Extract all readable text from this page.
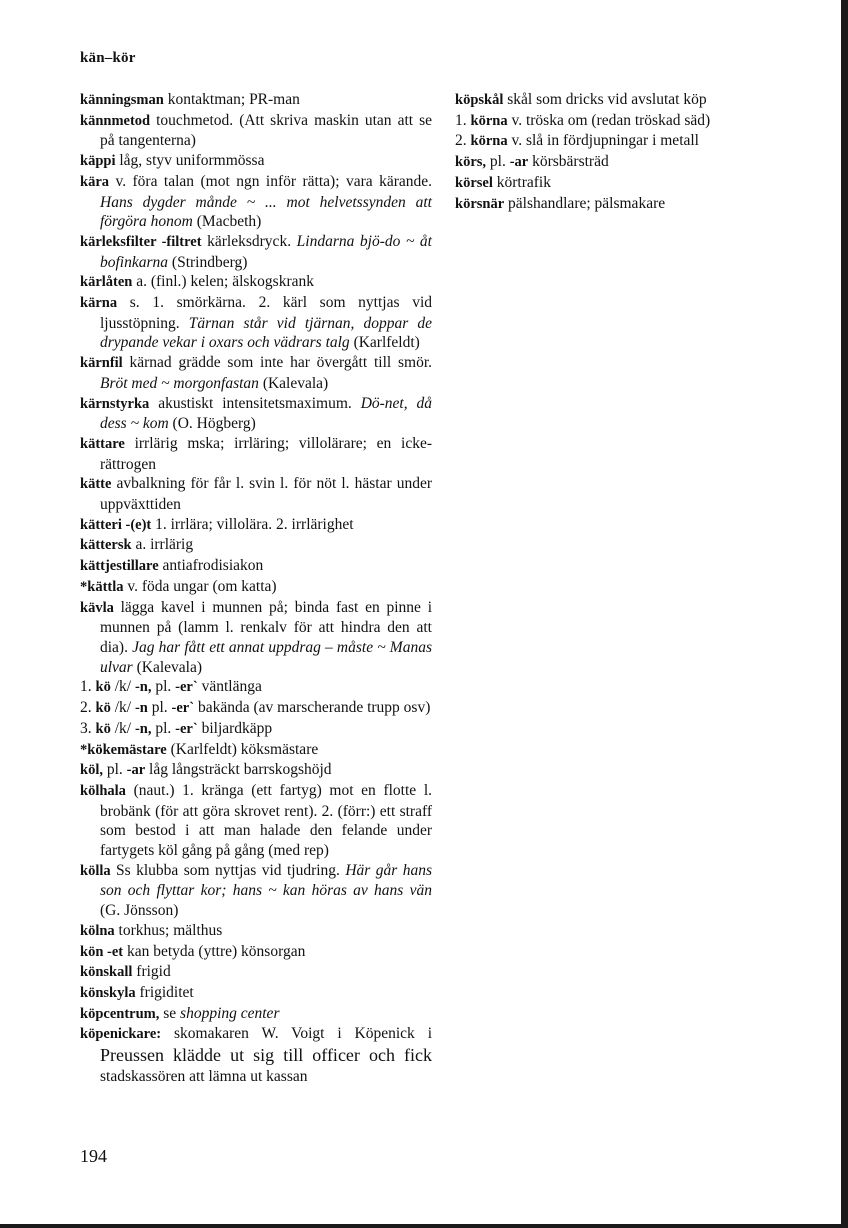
kän–kör
känningsman kontaktman; PR-man
kännmetod touchmetod. (Att skriva maskin utan att se på tangenterna)
käppi låg, styv uniformmössa
kära v. föra talan (mot ngn inför rätta); vara kärande. Hans dygder månde ~ ... mot helvetssynden att förgöra honom (Macbeth)
kärleksfilter -filtret kärleksdryck. Lindarna bjö-do ~ åt bofinkarna (Strindberg)
kärlåten a. (finl.) kelen; älskogskrank
kärna s. 1. smörkärna. 2. kärl som nyttjas vid ljusstöpning. Tärnan står vid tjärnan, doppar de drypande vekar i oxars och vädrars talg (Karlfeldt)
kärnfil kärnad grädde som inte har övergått till smör. Bröt med ~ morgonfastan (Kalevala)
kärnstyrka akustiskt intensitetsmaximum. Dö-net, då dess ~ kom (O. Högberg)
kättare irrlärig mska; irrläring; villolärare; en icke-rättrogen
kätte avbalkning för får l. svin l. för nöt l. hästar under uppväxttiden
kätteri -(e)t 1. irrlära; villolära. 2. irrlärighet
kättersk a. irrlärig
kättjestillare antiafrodisiakon
*kättla v. föda ungar (om katta)
kävla lägga kavel i munnen på; binda fast en pinne i munnen på (lamm l. renkalv för att hindra den att dia). Jag har fått ett annat uppdrag – måste ~ Manas ulvar (Kalevala)
1. kö /k/ -n, pl. -er` väntlänga
2. kö /k/ -n pl. -er` bakända (av marscherande trupp osv)
3. kö /k/ -n, pl. -er` biljardkäpp
*kökemästare (Karlfeldt) köksmästare
köl, pl. -ar låg långsträckt barrskogshöjd
kölhala (naut.) 1. kränga (ett fartyg) mot en flotte l. brobänk (för att göra skrovet rent). 2. (förr:) ett straff som bestod i att man halade den felande under fartygets köl gång på gång (med rep)
kölla Ss klubba som nyttjas vid tjudring. Här går hans son och flyttar kor; hans ~ kan höras av hans vän (G. Jönsson)
kölna torkhus; mälthus
kön -et kan betyda (yttre) könsorgan
könskall frigid
könskyla frigiditet
köpcentrum, se shopping center
köpenickare: skomakaren W. Voigt i Köpenick i Preussen klädde ut sig till officer och fick stadskassören att lämna ut kassan
köpskål skål som dricks vid avslutat köp
1. körna v. tröska om (redan tröskad säd)
2. körna v. slå in fördjupningar i metall
körs, pl. -ar körsbärsträd
körsel körtrafik
körsnär pälshandlare; pälsmakare
194
